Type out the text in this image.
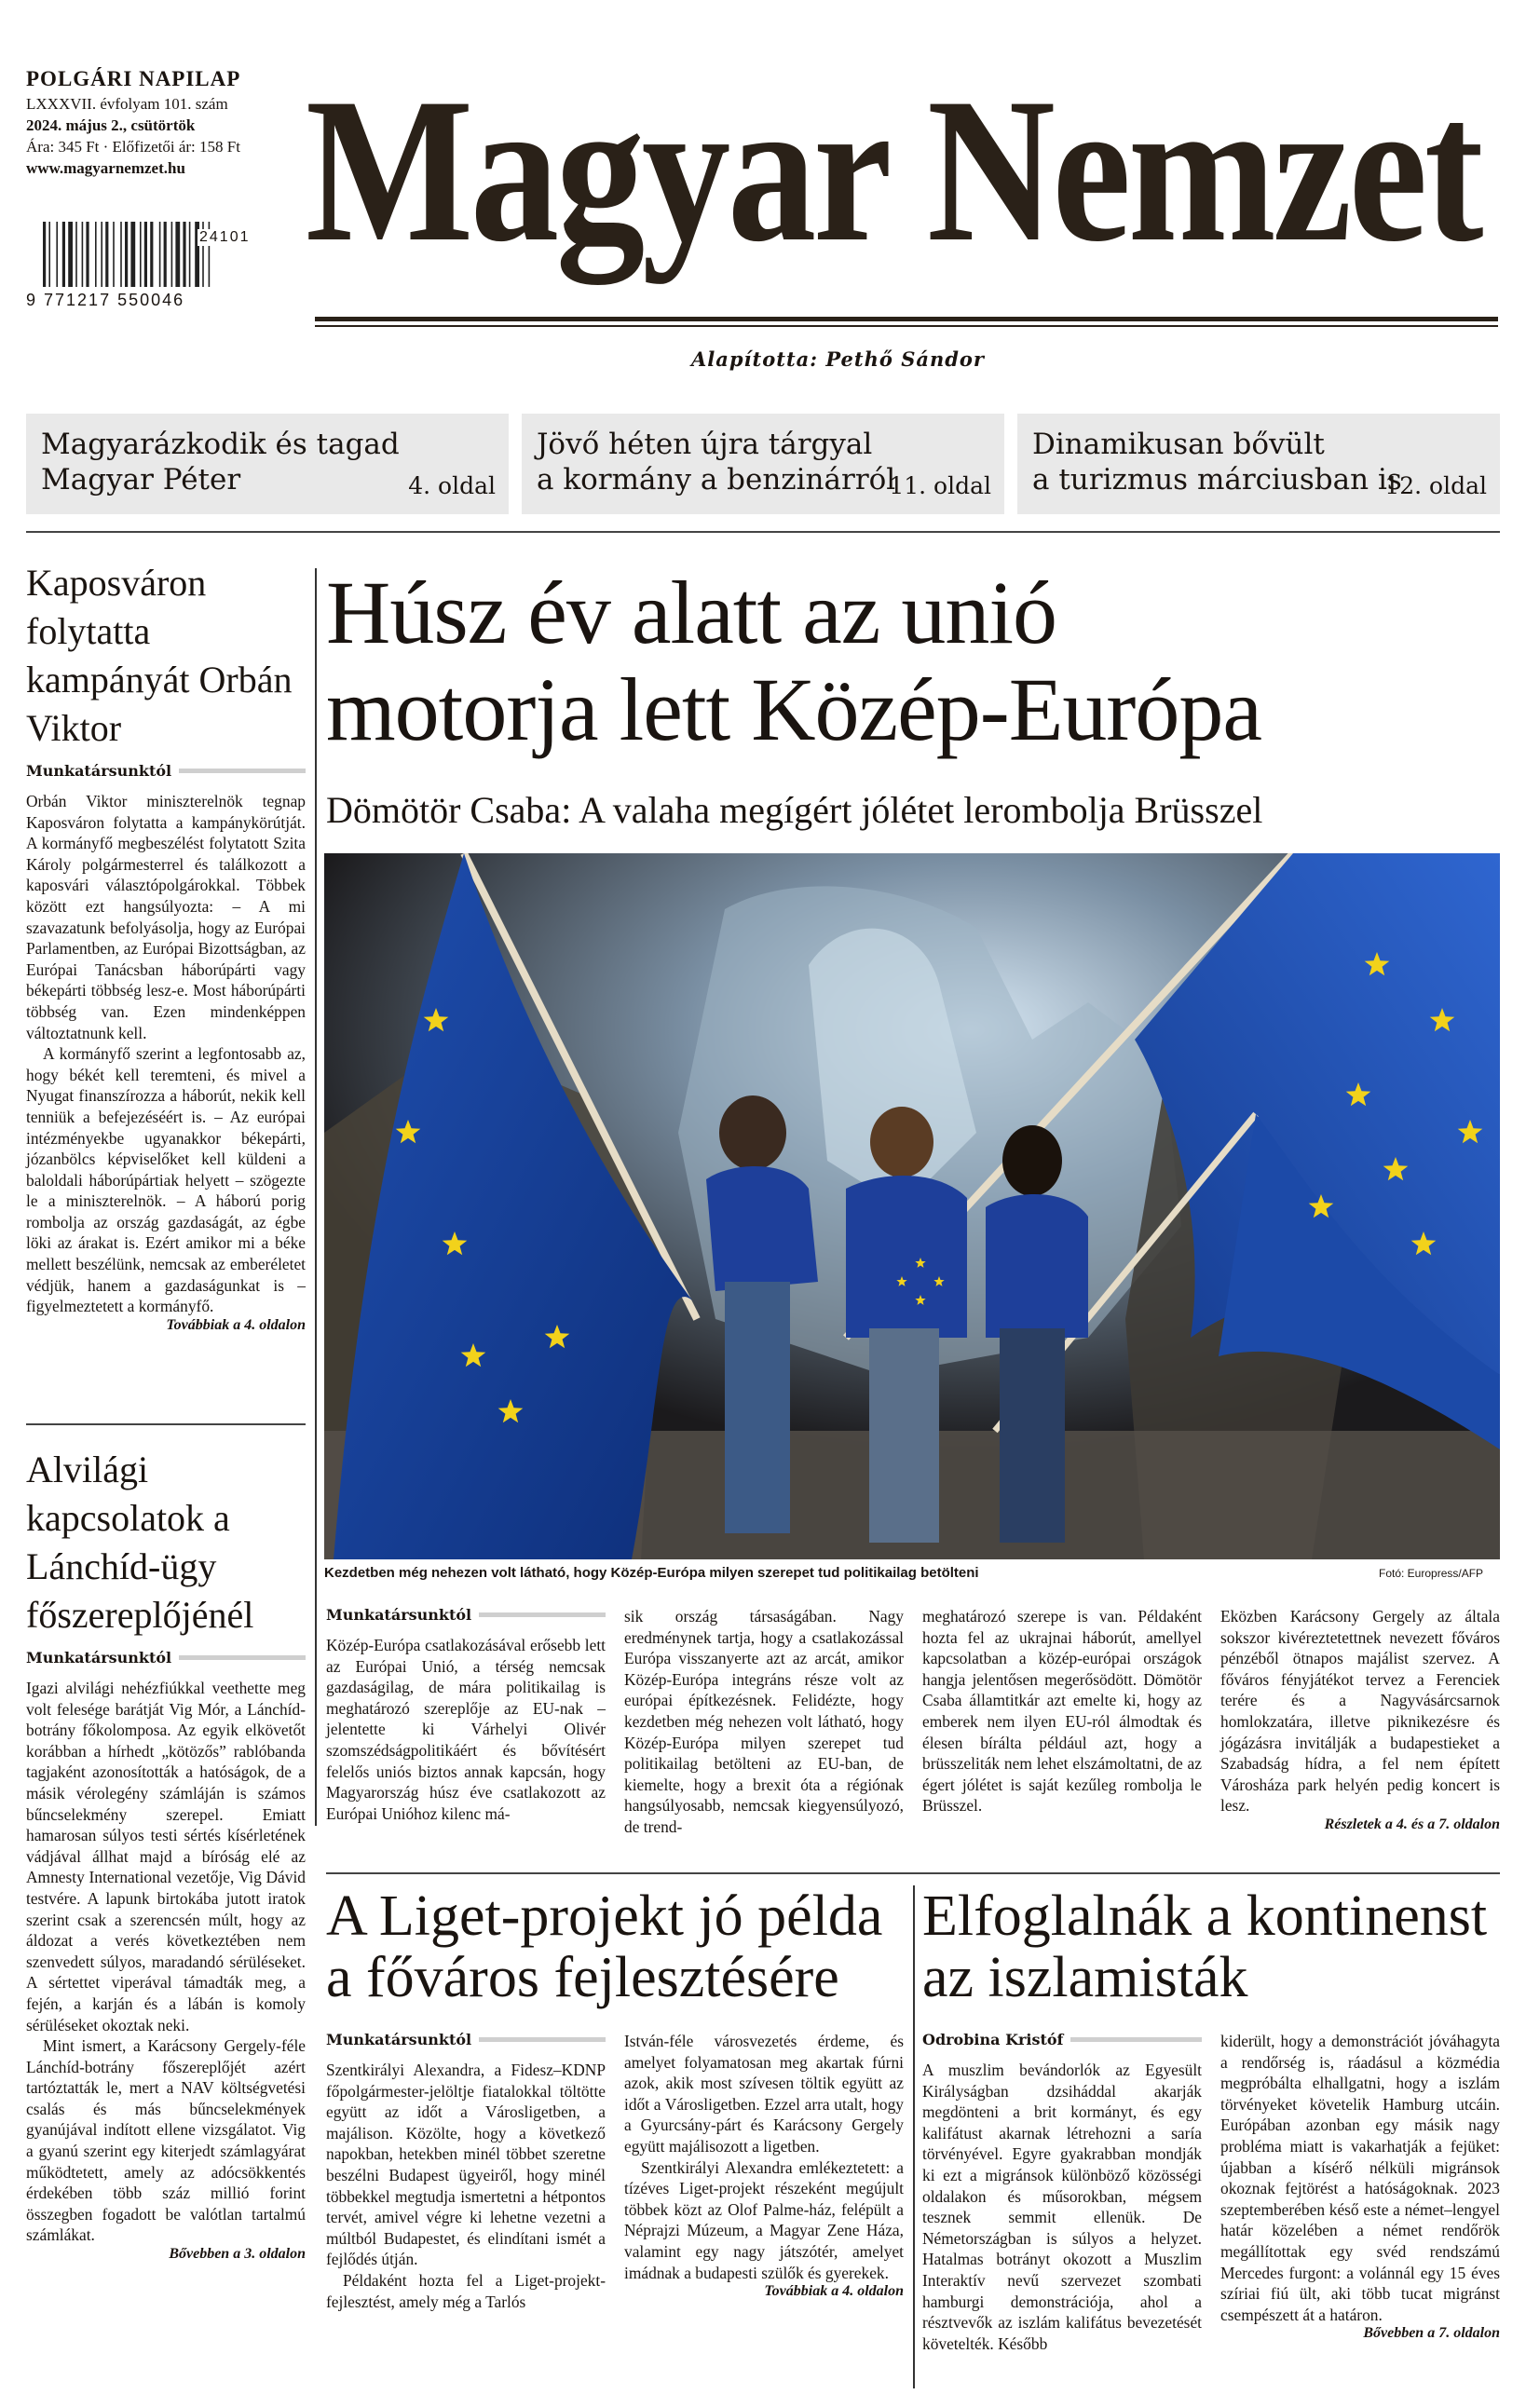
POLGÁRI NAPILAP
LXXXVII. évfolyam 101. szám
2024. május 2., csütörtök
Ára: 345 Ft · Előfizetői ár: 158 Ft
www.magyarnemzet.hu
24101
9 771217 550046
Magyar Nemzet
Alapította: Pethő Sándor
Magyarázkodik és tagad
Magyar Péter	4. oldal
Jövő héten újra tárgyal
a kormány a benzinárról
11. oldal
Dinamikusan bővült
a turizmus márciusban is
12. oldal
Kaposváron folytatta kampányát Orbán Viktor
Munkatársunktól

Orbán Viktor miniszterelnök tegnap Kaposváron folytatta a kampánykörútját. A kormányfő megbeszélést folytatott Szita Károly polgármesterrel és találkozott a kaposvári választópolgárokkal. Többek között ezt hangsúlyozta: – A mi szavazatunk befolyásolja, hogy az Európai Parlamentben, az Európai Bizottságban, az Európai Tanácsban háborúpárti vagy békepárti többség lesz-e. Most háborúpárti többség van. Ezen mindenképpen változtatnunk kell.

A kormányfő szerint a legfontosabb az, hogy békét kell teremteni, és mivel a Nyugat finanszírozza a háborút, nekik kell tenniük a befejezéséért is. – Az európai intézményekbe ugyanakkor békepárti, józanbölcs képviselőket kell küldeni a baloldali háborúpártiak helyett – szögezte le a miniszterelnök. – A háború porig rombolja az ország gazdaságát, az égbe löki az árakat is. Ezért amikor mi a béke mellett beszélünk, nemcsak az emberéletet védjük, hanem a gazdaságunkat is – figyelmeztetett a kormányfő.

Továbbiak a 4. oldalon
Alvilági kapcsolatok a Lánchíd-ügy főszereplőjénél
Munkatársunktól

Igazi alvilági nehézfiúkkal veethette meg volt felesége barátját Vig Mór, a Lánchíd-botrány főkolomposa. Az egyik elkövetőt korábban a hírhedt „kötözős” rablóbanda tagjaként azonosították a hatóságok, de a másik vérolegény számláján is számos bűncselekmény szerepel. Emiatt hamarosan súlyos testi sértés kísérletének vádjával állhat majd a bíróság elé az Amnesty International vezetője, Vig Dávid testvére. A lapunk birtokába jutott iratok szerint csak a szerencsén múlt, hogy az áldozat a verés következtében nem szenvedett súlyos, maradandó sérüléseket. A sértettet viperával támadták meg, a fején, a karján és a lábán is komoly sérüléseket okoztak neki.

Mint ismert, a Karácsony Gergely-féle Lánchíd-botrány főszereplőjét azért tartóztatták le, mert a NAV költségvetési csalás és más bűncselekmények gyanújával indított ellene vizsgálatot. Vig a gyanú szerint egy kiterjedt számlagyárat működtetett, amely az adócsökkentés érdekében több száz millió forint összegben fogadott be valótlan tartalmú számlákat.

Bővebben a 3. oldalon
Húsz év alatt az unió
motorja lett Közép-Európa
Dömötör Csaba: A valaha megígért jólétet lerombolja Brüsszel
Kezdetben még nehezen volt látható, hogy Közép-Európa milyen szerepet tud politikailag betölteni	Fotó: Europress/AFP
Munkatársunktól
Közép-Európa csatlakozásával erősebb lett az Európai Unió, a térség nemcsak gazdaságilag, de mára politikailag is meghatározó szereplője az EU-nak – jelentette ki Várhelyi Olivér szomszédságpolitikáért és bővítésért felelős uniós biztos annak kapcsán, hogy Magyarország húsz éve csatlakozott az Európai Unióhoz kilenc má-
sik ország társaságában. Nagy eredménynek tartja, hogy a csatlakozással Európa visszanyerte azt az arcát, amikor Közép-Európa integráns része volt az európai építkezésnek. Felidézte, hogy kezdetben még nehezen volt látható, hogy Közép-Európa milyen szerepet tud politikailag betölteni az EU-ban, de kiemelte, hogy a brexit óta a régiónak hangsúlyosabb, nemcsak kiegyensúlyozó, de trend-
meghatározó szerepe is van. Példaként hozta fel az ukrajnai háborút, amellyel kapcsolatban a közép-európai országok hangja jelentősen megerősödött. Dömötör Csaba államtitkár azt emelte ki, hogy az emberek nem ilyen EU-ról álmodtak és élesen bírálta például azt, hogy a brüsszeliták nem lehet elszámoltatni, de az égert jólétet is saját kezűleg rombolja le Brüsszel.
Eközben Karácsony Gergely az általa sokszor kivéreztetettnek nevezett főváros pénzéből ötnapos majálist szervez. A főváros fényjátékot tervez a Ferenciek terére és a Nagyvásárcsarnok homlokzatára, illetve piknikezésre és jógázásra invitálják a budapestieket a Szabadság hídra, a fel nem épített Városháza park helyén pedig koncert is lesz.
Részletek a 4. és a 7. oldalon
A Liget-projekt jó példa
a főváros fejlesztésére
Munkatársunktól

Szentkirályi Alexandra, a Fidesz–KDNP főpolgármester-jelöltje fiatalokkal töltötte együtt az időt a Városligetben, a majálison. Közölte, hogy a következő napokban, hetekben minél többet szeretne beszélni Budapest ügyeiről, hogy minél többekkel megtudja ismertetni a hétpontos tervét, amivel végre ki lehetne vezetni a múltból Budapestet, és elindítani ismét a fejlődés útján.

Példaként hozta fel a Liget-projekt-fejlesztést, amely még a Tarlós

István-féle városvezetés érdeme, és amelyet folyamatosan meg akartak fúrni azok, akik most szívesen töltik együtt az időt a Városligetben. Ezzel arra utalt, hogy a Gyurcsány-párt és Karácsony Gergely együtt majálisozott a ligetben.

Szentkirályi Alexandra emlékeztetett: a tízéves Liget-projekt részeként megújult többek közt az Olof Palme-ház, felépült a Néprajzi Múzeum, a Magyar Zene Háza, valamint egy nagy játszótér, amelyet imádnak a budapesti szülők és gyerekek.

Továbbiak a 4. oldalon
Elfoglalnák a kontinenst
az iszlamisták
Odrobina Kristóf
A muszlim bevándorlók az Egyesült Királyságban dzsiháddal akarják megdönteni a brit kormányt, és egy kalifátust akarnak létrehozni a saría törvényével. Egyre gyakrabban mondják ki ezt a migránsok különböző közösségi oldalakon és műsorokban, mégsem tesznek semmit ellenük. De Németországban is súlyos a helyzet. Hatalmas botrányt okozott a Muszlim Interaktív nevű szervezet szombati hamburgi demonstrációja, ahol a résztvevők az iszlám kalifátus bevezetését követelték. Később
kiderült, hogy a demonstrációt jóváhagyta a rendőrség is, ráadásul a közmédia megpróbálta elhallgatni, hogy a iszlám törvényeket követelik Hamburg utcáin. Európában azonban egy másik nagy probléma miatt is vakarhatják a fejüket: újabban a kísérő nélküli migránsok okoznak fejtörést a hatóságoknak. 2023 szeptemberében késő este a német–lengyel határ közelében a német rendőrök megállítottak egy svéd rendszámú Mercedes furgont: a volánnál egy 15 éves szíriai fiú ült, aki több tucat migránst csempészett át a határon.
Bővebben a 7. oldalon
